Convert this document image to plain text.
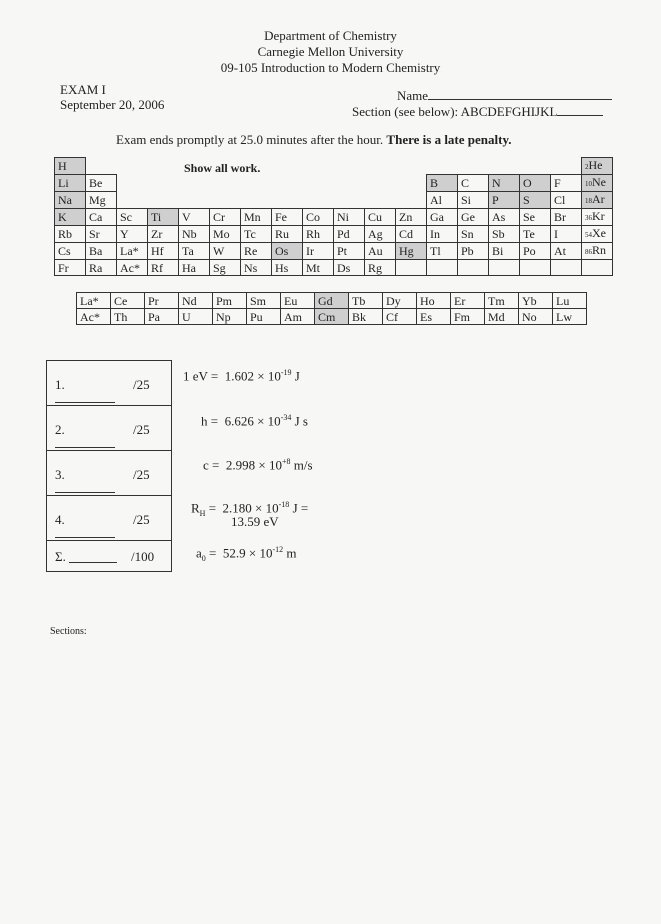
Department of Chemistry
Carnegie Mellon University
09-105 Introduction to Modern Chemistry
EXAM I
September 20, 2006
Name
Section (see below): ABCDEFGHIJKL
Exam ends promptly at 25.0 minutes after the hour. There is a late penalty.
Show all work.
H																	2He
Li	Be											B	C	N	O	F	10Ne
Na	Mg											Al	Si	P	S	Cl	18Ar
K	Ca	Sc	Ti	V	Cr	Mn	Fe	Co	Ni	Cu	Zn	Ga	Ge	As	Se	Br	36Kr
Rb	Sr	Y	Zr	Nb	Mo	Tc	Ru	Rh	Pd	Ag	Cd	In	Sn	Sb	Te	I	54Xe
Cs	Ba	La*	Hf	Ta	W	Re	Os	Ir	Pt	Au	Hg	Tl	Pb	Bi	Po	At	86Rn
Fr	Ra	Ac*	Rf	Ha	Sg	Ns	Hs	Mt	Ds	Rg							
La*	Ce	Pr	Nd	Pm	Sm	Eu	Gd	Tb	Dy	Ho	Er	Tm	Yb	Lu
Ac*	Th	Pa	U	Np	Pu	Am	Cm	Bk	Cf	Es	Fm	Md	No	Lw
1.	/25
2.	/25
3.	/25
4.	/25
Σ.	/100
1 eV = $1.602 \times 10^{-19}$ J
$h = 6.626 \times 10^{-34}$ J s
$c = 2.998 \times 10^{+8}$ m/s
$R_H = 2.180 \times 10^{-18}$ J =
13.59 eV
$a_0 = 52.9 \times 10^{-12}$ m
Sections:
